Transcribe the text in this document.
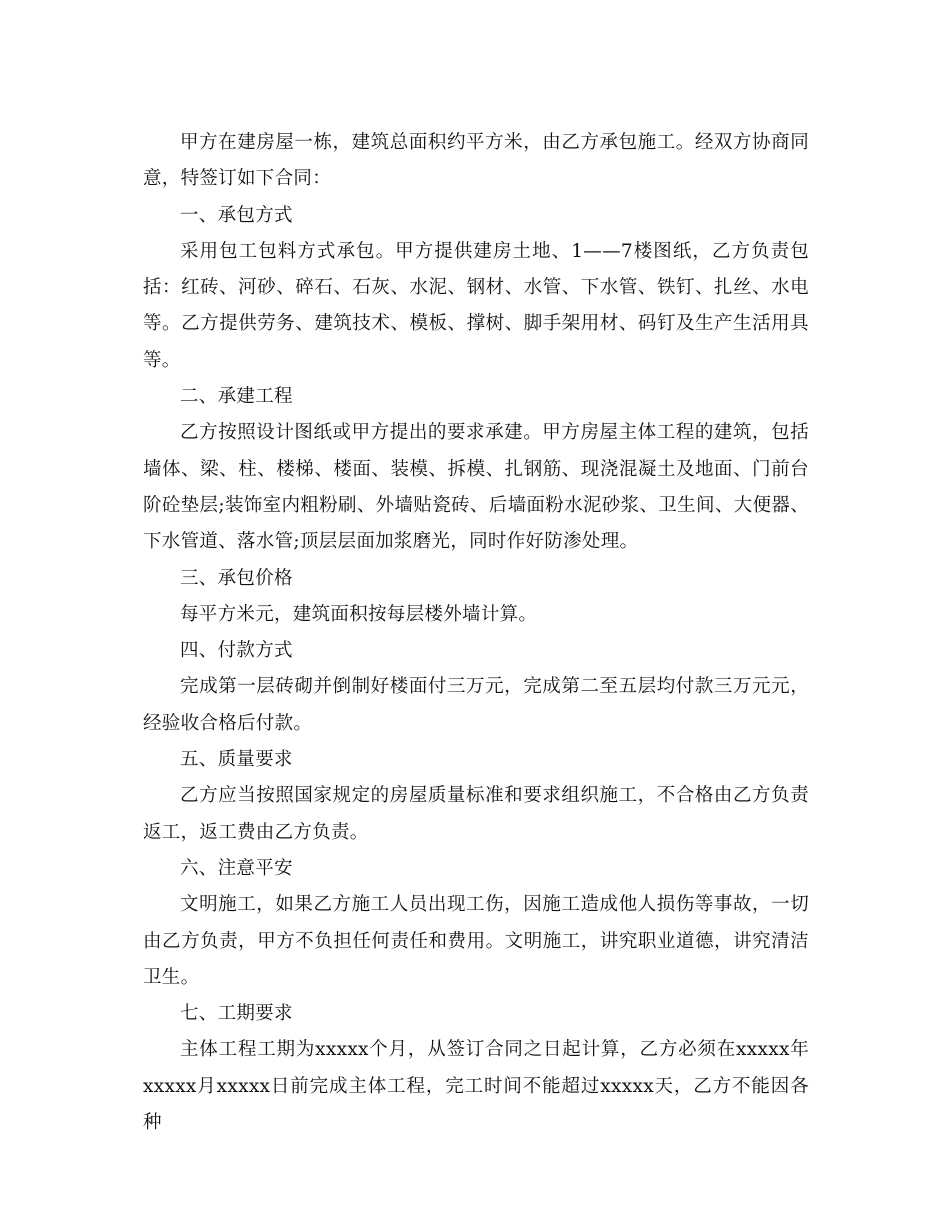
甲方在建房屋一栋，建筑总面积约平方米，由乙方承包施工。经双方协商同意，特签订如下合同：

一、承包方式

采用包工包料方式承包。甲方提供建房土地、1——7楼图纸，乙方负责包括：红砖、河砂、碎石、石灰、水泥、钢材、水管、下水管、铁钉、扎丝、水电等。乙方提供劳务、建筑技术、模板、撑树、脚手架用材、码钉及生产生活用具等。

二、承建工程

乙方按照设计图纸或甲方提出的要求承建。甲方房屋主体工程的建筑，包括墙体、梁、柱、楼梯、楼面、装模、拆模、扎钢筋、现浇混凝土及地面、门前台阶砼垫层;装饰室内粗粉刷、外墙贴瓷砖、后墙面粉水泥砂浆、卫生间、大便器、下水管道、落水管;顶层层面加浆磨光，同时作好防渗处理。

三、承包价格

每平方米元，建筑面积按每层楼外墙计算。

四、付款方式

完成第一层砖砌并倒制好楼面付三万元，完成第二至五层均付款三万元元，经验收合格后付款。

五、质量要求

乙方应当按照国家规定的房屋质量标准和要求组织施工，不合格由乙方负责返工，返工费由乙方负责。

六、注意平安

文明施工，如果乙方施工人员出现工伤，因施工造成他人损伤等事故，一切由乙方负责，甲方不负担任何责任和费用。文明施工，讲究职业道德，讲究清洁卫生。

七、工期要求

主体工程工期为xxxxx个月，从签订合同之日起计算，乙方必须在xxxxx年xxxxx月xxxxx日前完成主体工程，完工时间不能超过xxxxx天，乙方不能因各种
